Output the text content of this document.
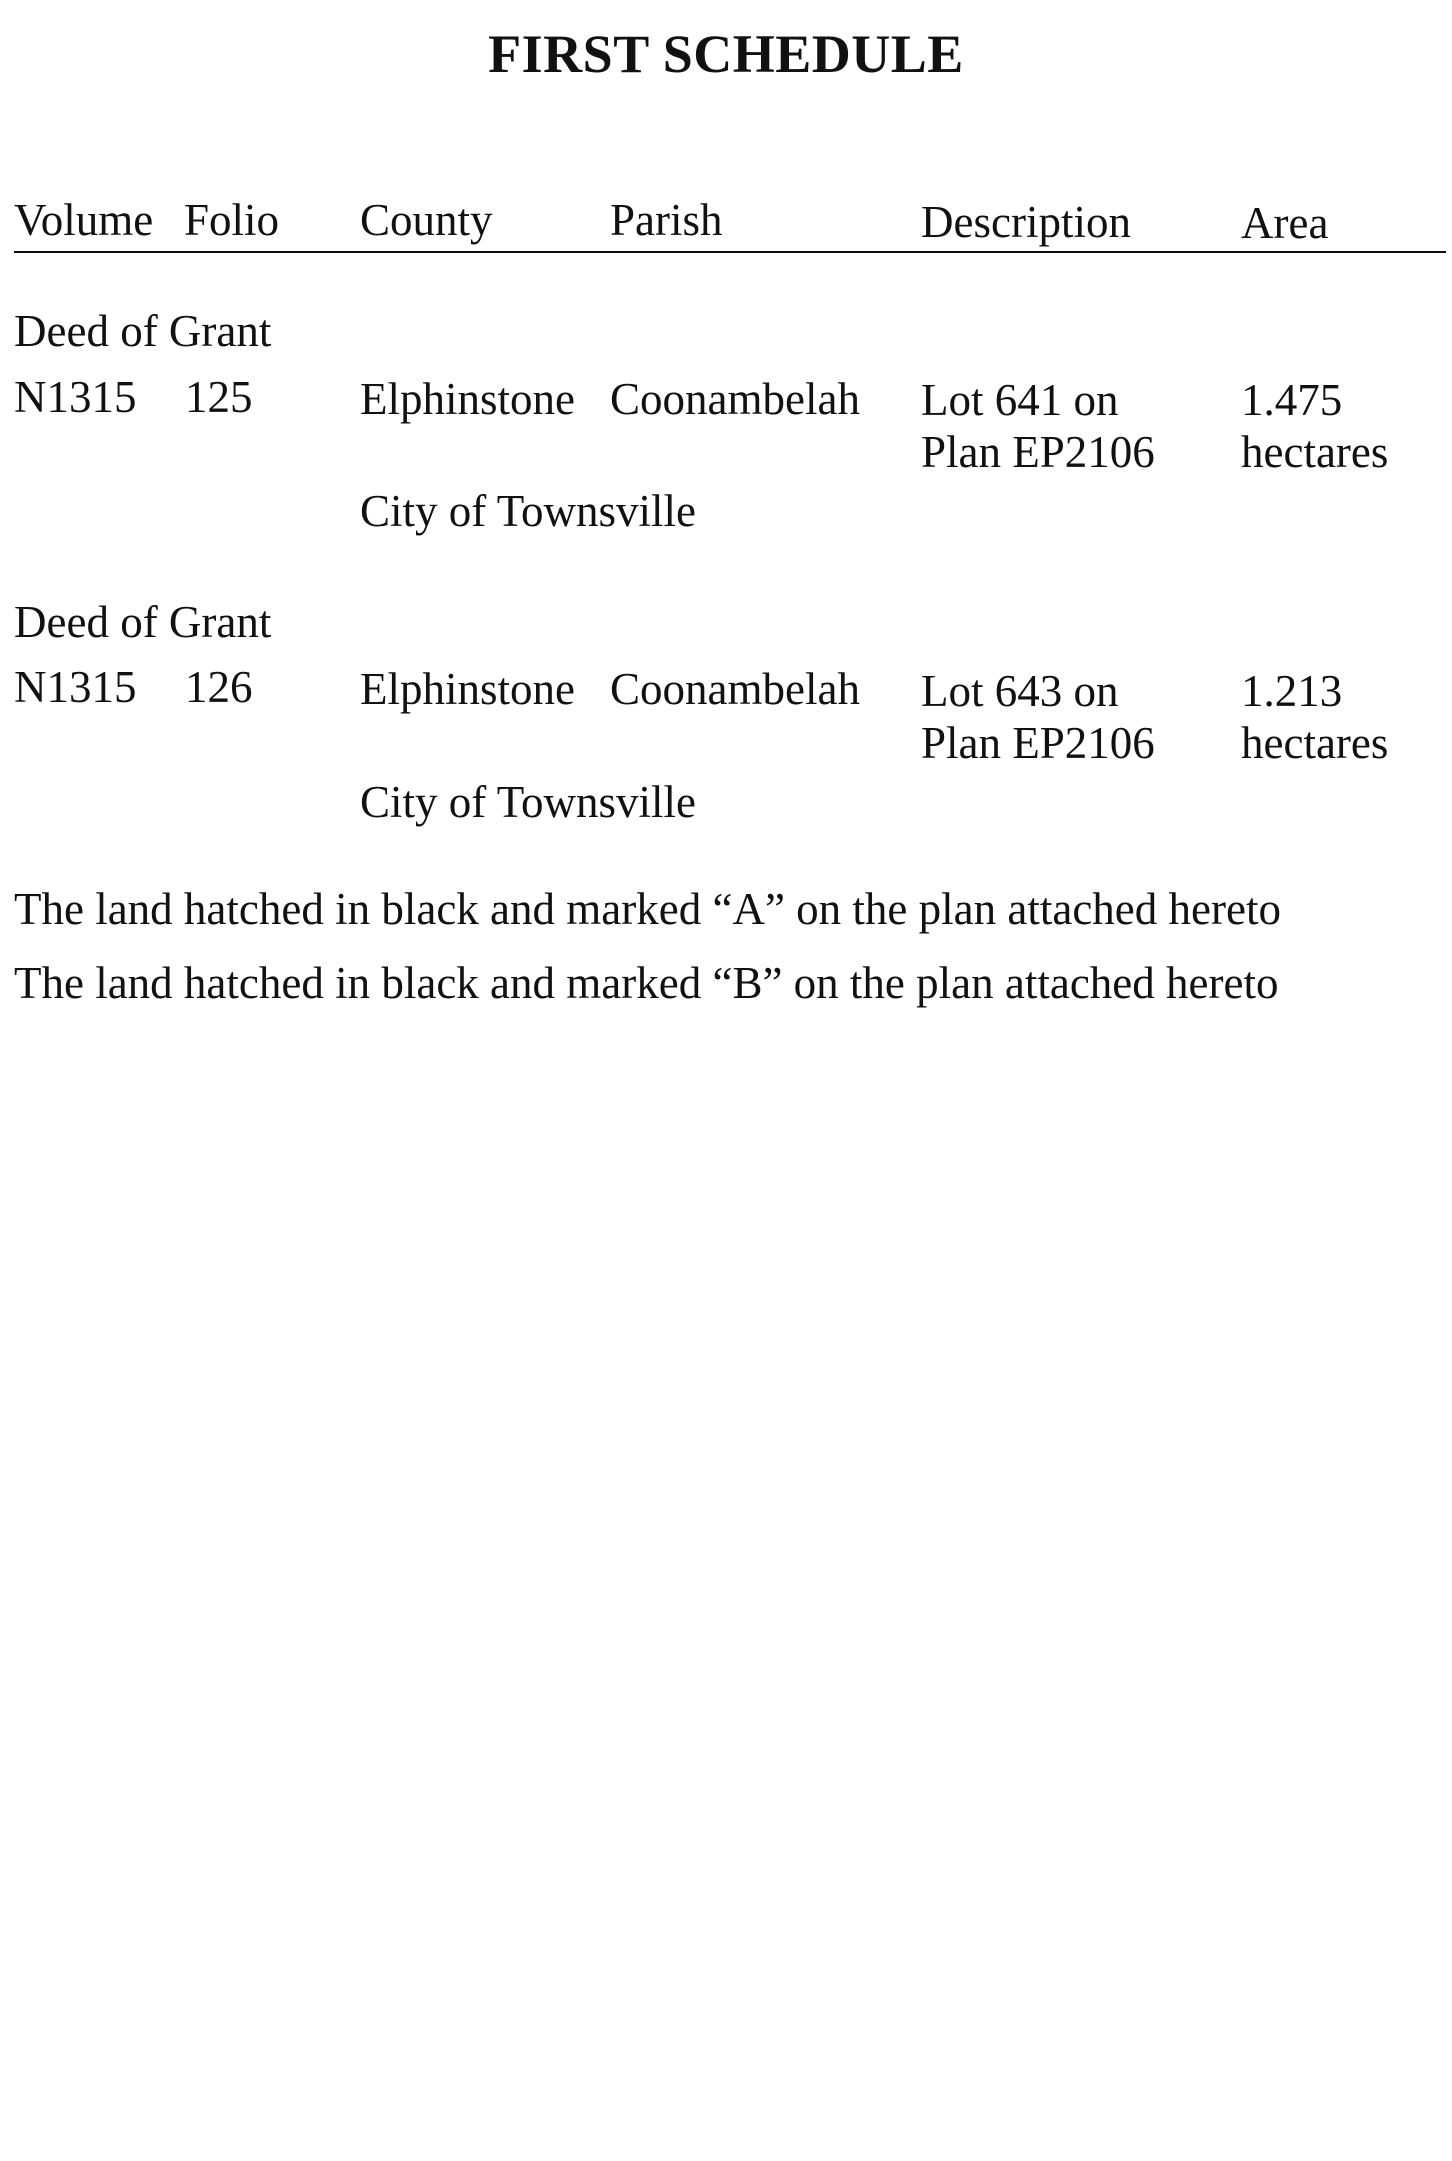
FIRST SCHEDULE
Volume Folio County	Parish	Description Area
Deed of Grant
N1315 125 Elphinstone Coonambelah Lot 641 on
Plan EP2106
1.475
hectares
City of Townsville
Deed of Grant
N1315 126 Elphinstone Coonambelah Lot 643 on
Plan EP2106
1.213
hectares
City of Townsville
The land hatched in black and marked “A” on the plan attached hereto
The land hatched in black and marked “B” on the plan attached hereto
